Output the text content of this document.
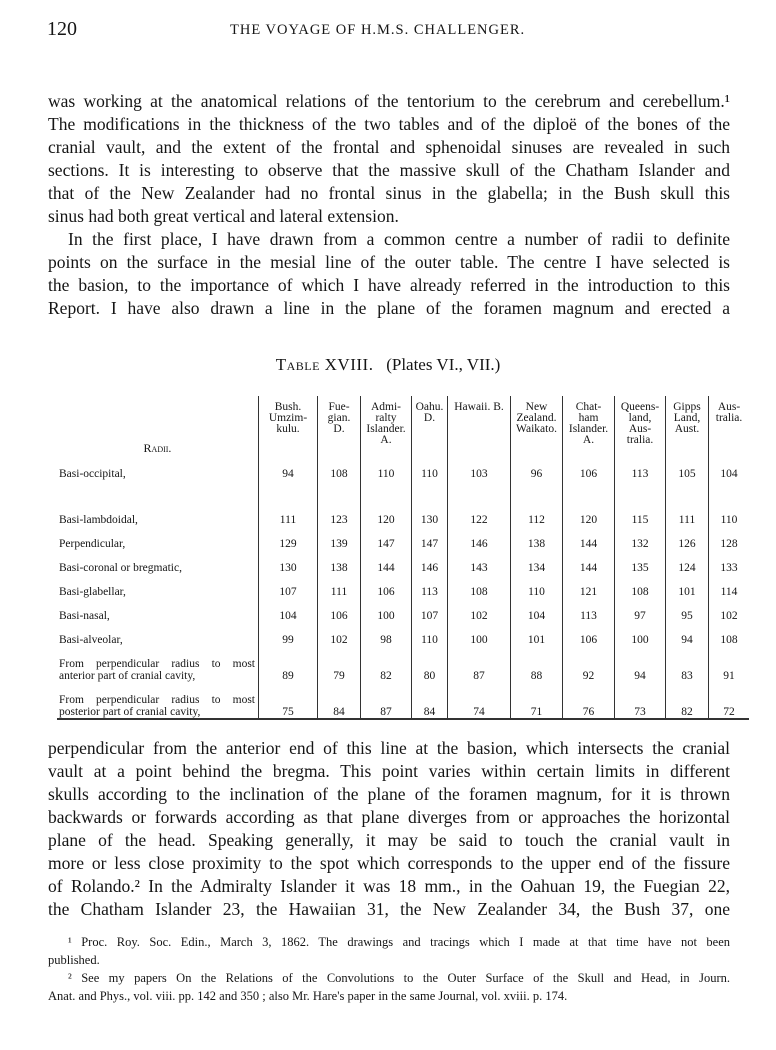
120	THE VOYAGE OF H.M.S. CHALLENGER.
was working at the anatomical relations of the tentorium to the cerebrum and cerebellum.¹
The modifications in the thickness of the two tables and of the diploë of the bones of the
cranial vault, and the extent of the frontal and sphenoidal sinuses are revealed in such
sections. It is interesting to observe that the massive skull of the Chatham Islander and
that of the New Zealander had no frontal sinus in the glabella; in the Bush skull this
sinus had both great vertical and lateral extension.
In the first place, I have drawn from a common centre a number of radii to definite
points on the surface in the mesial line of the outer table. The centre I have selected is
the basion, to the importance of which I have already referred in the introduction to this
Report. I have also drawn a line in the plane of the foramen magnum and erected a
Table XVIII. (Plates VI., VII.)
Radii.	Bush. Umzim- kulu.	Fue- gian. D.	Admi- ralty Islander. A.	Oahu. D.	Hawaii. B.	New Zealand. Waikato.	Chat- ham Islander. A.	Queens- land, Aus- tralia.	Gipps Land, Aust.	Aus- tralia.
Basi-occipital,	94	108	110	110	103	96	106	113	105	104
Basi-lambdoidal,	111	123	120	130	122	112	120	115	111	110
Perpendicular,	129	139	147	147	146	138	144	132	126	128
Basi-coronal or bregmatic,	130	138	144	146	143	134	144	135	124	133
Basi-glabellar,	107	111	106	113	108	110	121	108	101	114
Basi-nasal,	104	106	100	107	102	104	113	97	95	102
Basi-alveolar,	99	102	98	110	100	101	106	100	94	108
From perpendicular radius to most anterior part of cranial cavity,	89	79	82	80	87	88	92	94	83	91
From perpendicular radius to most posterior part of cranial cavity,	75	84	87	84	74	71	76	73	82	72
perpendicular from the anterior end of this line at the basion, which intersects the cranial
vault at a point behind the bregma. This point varies within certain limits in different
skulls according to the inclination of the plane of the foramen magnum, for it is thrown
backwards or forwards according as that plane diverges from or approaches the horizontal
plane of the head. Speaking generally, it may be said to touch the cranial vault in
more or less close proximity to the spot which corresponds to the upper end of the fissure
of Rolando.² In the Admiralty Islander it was 18 mm., in the Oahuan 19, the Fuegian 22,
the Chatham Islander 23, the Hawaiian 31, the New Zealander 34, the Bush 37, one
¹ Proc. Roy. Soc. Edin., March 3, 1862. The drawings and tracings which I made at that time have not been
published.
² See my papers On the Relations of the Convolutions to the Outer Surface of the Skull and Head, in Journ.
Anat. and Phys., vol. viii. pp. 142 and 350 ; also Mr. Hare's paper in the same Journal, vol. xviii. p. 174.
